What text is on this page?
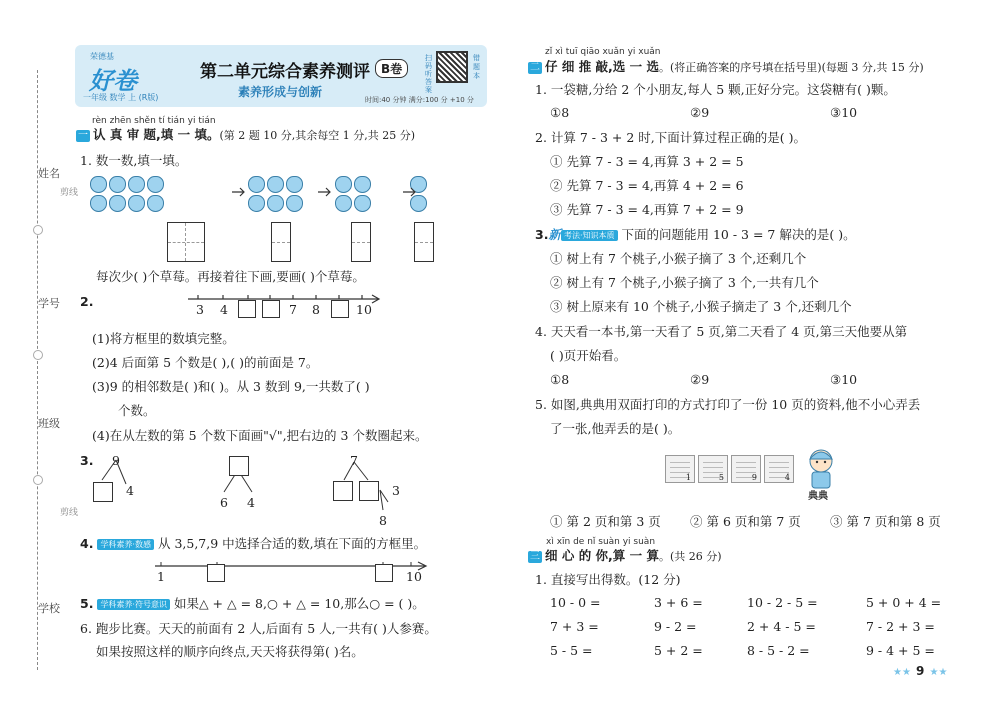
姓名
剪线
学号
班级
剪线
学校
荣德基
好卷
一年级 数学 上 (R版)
第二单元综合素养测评 B卷
素养形成与创新
扫码听答案
错题本
时间:40 分钟 满分:100 分 +10 分
rèn zhēn shěn tí tián yi tián
一 认 真 审 题,填 一 填。(第 2 题 10 分,其余每空 1 分,共 25 分)
1. 数一数,填一填。
每次少( )个草莓。再接着往下画,要画( )个草莓。
2.
3 4	7 8	10
(1)将方框里的数填完整。
(2)4 后面第 5 个数是( ),( )的前面是 7。
(3)9 的相邻数是( )和( )。从 3 数到 9,一共数了( )
个数。
(4)在从左数的第 5 个数下面画"√",把右边的 3 个数圈起来。
3. 9
4
6 4
7
3
8
4. 学科素养·数感 从 3,5,7,9 中选择合适的数,填在下面的方框里。
1	10
5. 学科素养·符号意识 如果△ + △ = 8,○ + △ = 10,那么○ = ( )。
6. 跑步比赛。天天的前面有 2 人,后面有 5 人,一共有( )人参赛。
如果按照这样的顺序向终点,天天将获得第( )名。
zǐ xì tuī qiāo xuǎn yi xuǎn
二 仔 细 推 敲,选 一 选。(将正确答案的序号填在括号里)(每题 3 分,共 15 分)
1. 一袋糖,分给 2 个小朋友,每人 5 颗,正好分完。这袋糖有( )颗。
①8	②9	③10
2. 计算 7 - 3 + 2 时,下面计算过程正确的是( )。
① 先算 7 - 3 = 4,再算 3 + 2 = 5
② 先算 7 - 3 = 4,再算 4 + 2 = 6
③ 先算 7 - 3 = 4,再算 7 + 2 = 9
3.新 考法·知识本质 下面的问题能用 10 - 3 = 7 解决的是( )。
① 树上有 7 个桃子,小猴子摘了 3 个,还剩几个
② 树上有 7 个桃子,小猴子摘了 3 个,一共有几个
③ 树上原来有 10 个桃子,小猴子摘走了 3 个,还剩几个
4. 天天看一本书,第一天看了 5 页,第二天看了 4 页,第三天他要从第
( )页开始看。
①8	②9	③10
5. 如图,典典用双面打印的方式打印了一份 10 页的资料,他不小心弄丢
了一张,他弄丢的是( )。
1	5	9	4
典典
① 第 2 页和第 3 页 ② 第 6 页和第 7 页 ③ 第 7 页和第 8 页
xì xīn de nǐ suàn yi suàn
三 细 心 的 你,算 一 算。(共 26 分)
1. 直接写出得数。(12 分)
10 - 0 =	3 + 6 =	10 - 2 - 5 =	5 + 0 + 4 =
7 + 3 =	9 - 2 =	2 + 4 - 5 =	7 - 2 + 3 =
5 - 5 =	5 + 2 =	8 - 5 - 2 =	9 - 4 + 5 =
★★ 9 ★★
